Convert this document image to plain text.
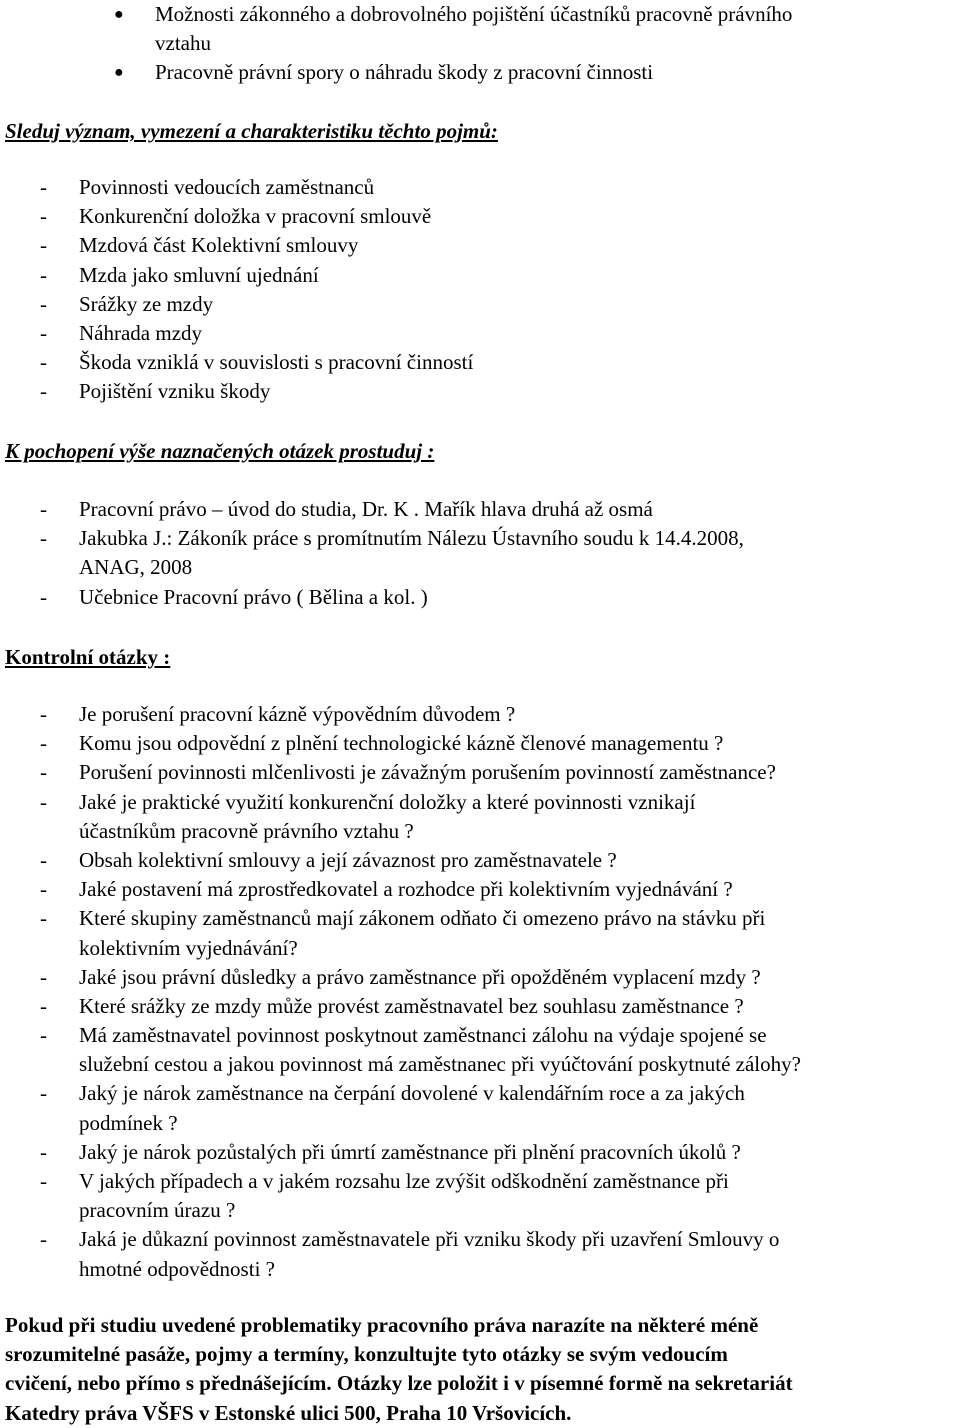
● Možnosti zákonného a dobrovolného pojištění účastníků pracovně právního
vztahu
● Pracovně právní spory o náhradu škody z pracovní činnosti
Sleduj význam, vymezení a charakteristiku těchto pojmů:
- Povinnosti vedoucích zaměstnanců
- Konkurenční doložka v pracovní smlouvě
- Mzdová část Kolektivní smlouvy
- Mzda jako smluvní ujednání
- Srážky ze mzdy
- Náhrada mzdy
- Škoda vzniklá v souvislosti s pracovní činností
- Pojištění vzniku škody
K pochopení výše naznačených otázek prostuduj :
- Pracovní právo – úvod do studia, Dr. K . Mařík hlava druhá až osmá
- Jakubka J.: Zákoník práce s promítnutím Nálezu Ústavního soudu k 14.4.2008,
ANAG, 2008
- Učebnice Pracovní právo ( Bělina a kol. )
Kontrolní otázky :
- Je porušení pracovní kázně výpovědním důvodem ?
- Komu jsou odpovědní z plnění technologické kázně členové managementu ?
- Porušení povinnosti mlčenlivosti je závažným porušením povinností zaměstnance?
- Jaké je praktické využití konkurenční doložky a které povinnosti vznikají
účastníkům pracovně právního vztahu ?
- Obsah kolektivní smlouvy a její závaznost pro zaměstnavatele ?
- Jaké postavení má zprostředkovatel a rozhodce při kolektivním vyjednávání ?
- Které skupiny zaměstnanců mají zákonem odňato či omezeno právo na stávku při
kolektivním vyjednávání?
- Jaké jsou právní důsledky a právo zaměstnance při opožděném vyplacení mzdy ?
- Které srážky ze mzdy může provést zaměstnavatel bez souhlasu zaměstnance ?
- Má zaměstnavatel povinnost poskytnout zaměstnanci zálohu na výdaje spojené se
služební cestou a jakou povinnost má zaměstnanec při vyúčtování poskytnuté zálohy?
- Jaký je nárok zaměstnance na čerpání dovolené v kalendářním roce a za jakých
podmínek ?
- Jaký je nárok pozůstalých při úmrtí zaměstnance při plnění pracovních úkolů ?
- V jakých případech a v jakém rozsahu lze zvýšit odškodnění zaměstnance při
pracovním úrazu ?
- Jaká je důkazní povinnost zaměstnavatele při vzniku škody při uzavření Smlouvy o
hmotné odpovědnosti ?
Pokud při studiu uvedené problematiky pracovního práva narazíte na některé méně
srozumitelné pasáže, pojmy a termíny, konzultujte tyto otázky se svým vedoucím
cvičení, nebo přímo s přednášejícím. Otázky lze položit i v písemné formě na sekretariát
Katedry práva VŠFS v Estonské ulici 500, Praha 10 Vršovicích.
